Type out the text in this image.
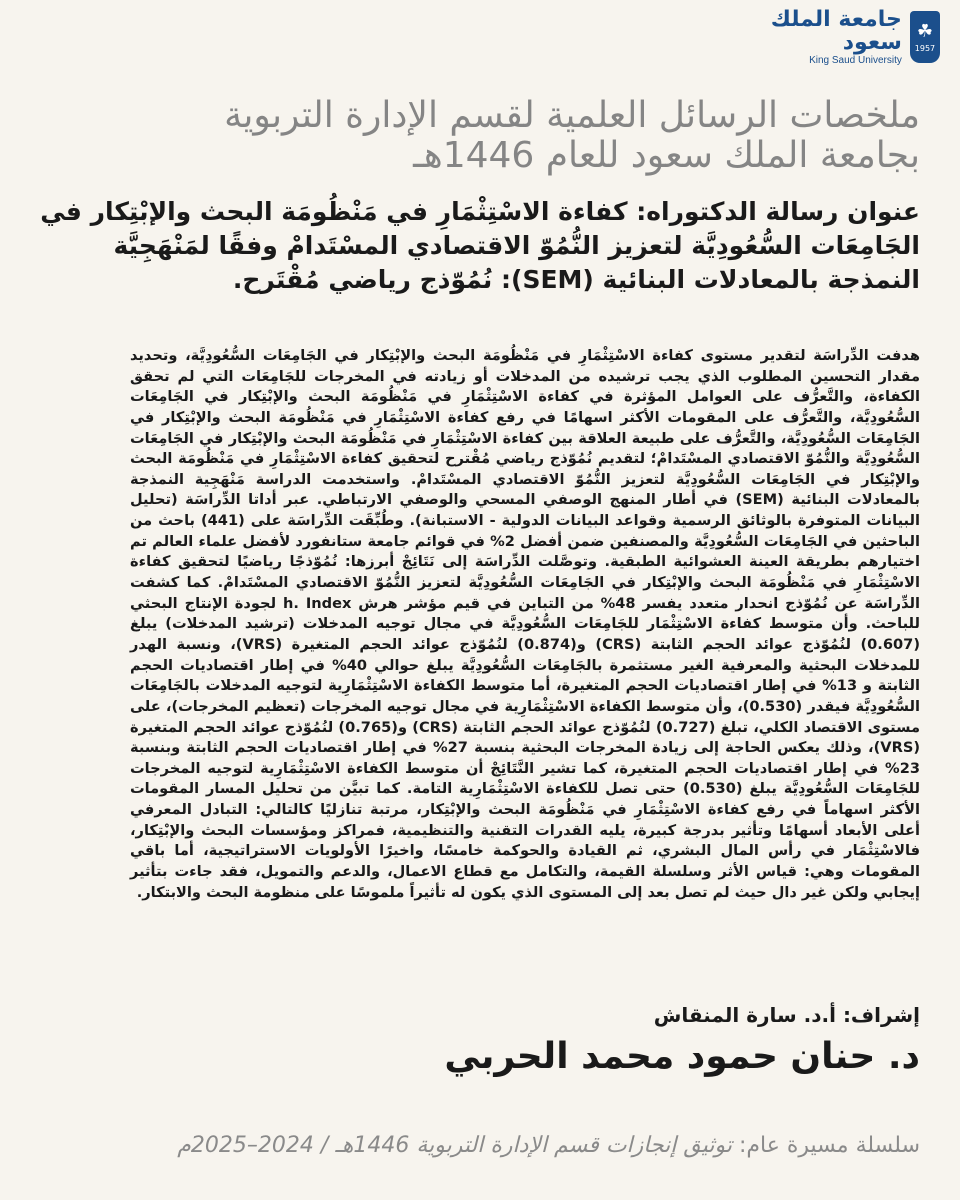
جامعة الملك سعود
King Saud University
☘
1957
ملخصات الرسائل العلمية لقسم الإدارة التربوية
بجامعة الملك سعود للعام 1446هـ
عنوان رسالة الدكتوراه: كفاءة الاسْتِثْمَارِ في مَنْظُومَة البحث والإبْتِكار في الجَامِعَات السُّعُودِيَّة لتعزيز النُّمُوّ الاقتصادي المسْتَدامْ وفقًا لمَنْهَجِيَّة النمذجة بالمعادلات البنائية (SEM): نُمُوّذج رياضي مُقْتَرح.
هدفت الدِّراسَة لتقدير مستوى كفاءة الاسْتِثْمَارِ في مَنْظُومَة البحث والإبْتِكار في الجَامِعَات السُّعُودِيَّة، وتحديد مقدار التحسين المطلوب الذي يجب ترشيده من المدخلات أو زيادته في المخرجات للجَامِعَات التي لم تحقق الكفاءة، والتَّعرُّف على العوامل المؤثرة في كفاءة الاسْتِثْمَارِ في مَنْظُومَة البحث والإبْتِكار في الجَامِعَات السُّعُودِيَّة، والتَّعرُّف على المقومات الأكثر اسهامًا في رفع كفاءة الاسْتِثْمَارِ في مَنْظُومَة البحث والإبْتِكار في الجَامِعَات السُّعُودِيَّة، والتَّعرُّف على طبيعة العلاقة بين كفاءة الاسْتِثْمَارِ في مَنْظُومَة البحث والإبْتِكار في الجَامِعَات السُّعُودِيَّة والنُّمُوّ الاقتصادي المسْتَدامْ؛ لتقديم نُمُوّذج رياضي مُقْترح لتحقيق كفاءة الاسْتِثْمَارِ في مَنْظُومَة البحث والإبْتِكار في الجَامِعَات السُّعُودِيَّة لتعزيز النُّمُوّ الاقتصادي المسْتَدامْ. واستخدمت الدراسة مَنْهَجِية النمذجة بالمعادلات البنائية (SEM) في أطار المنهج الوصفي المسحي والوصفي الارتباطي. عبر أداتا الدِّراسَة (تحليل البيانات المتوفرة بالوثائق الرسمية وقواعد البيانات الدولية - الاستبانة). وطُبِّقَت الدِّراسَة على (441) باحث من الباحثين في الجَامِعَات السُّعُودِيَّة والمصنفين ضمن أفضل 2% في قوائم جامعة ستانفورد لأفضل علماء العالم تم اختيارهم بطريقة العينة العشوائية الطبقية. وتوصَّلت الدِّراسَة إلى نَتَائِجْ أبرزها: نُمُوّذجًا رياضيًا لتحقيق كفاءة الاسْتِثْمَارِ في مَنْظُومَة البحث والإبْتِكار في الجَامِعَات السُّعُودِيَّة لتعزيز النُّمُوّ الاقتصادي المسْتَدامْ. كما كشفت الدِّراسَة عن نُمُوّذج انحدار متعدد يفسر 48% من التباين في قيم مؤشر هرش h. Index لجودة الإنتاج البحثي للباحث. وأن متوسط كفاءة الاسْتِثْمَار للجَامِعَات السُّعُودِيَّة في مجال توجيه المدخلات (ترشيد المدخلات) يبلغ (0.607) لنُمُوّذج عوائد الحجم الثابتة (CRS) و(0.874) لنُمُوّذج عوائد الحجم المتغيرة (VRS)، ونسبة الهدر للمدخلات البحثية والمعرفية الغير مستثمرة بالجَامِعَات السُّعُودِيَّة يبلغ حوالي 40% في إطار اقتصاديات الحجم الثابتة و 13% في إطار اقتصاديات الحجم المتغيرة، أما متوسط الكفاءة الاسْتِثْمَارِية لتوجيه المدخلات بالجَامِعَات السُّعُودِيَّة فيقدر (0.530)، وأن متوسط الكفاءة الاسْتِثْمَارِية في مجال توجيه المخرجات (تعظيم المخرجات)، على مستوى الاقتصاد الكلي، تبلغ (0.727) لنُمُوّذج عوائد الحجم الثابتة (CRS) و(0.765) لنُمُوّذج عوائد الحجم المتغيرة (VRS)، وذلك يعكس الحاجة إلى زيادة المخرجات البحثية بنسبة 27% في إطار اقتصاديات الحجم الثابتة وبنسبة 23% في إطار اقتصاديات الحجم المتغيرة، كما تشير النَّتَائِجْ أن متوسط الكفاءة الاسْتِثْمَارِية لتوجيه المخرجات للجَامِعَات السُّعُودِيَّة يبلغ (0.530) حتى تصل للكفاءة الاسْتِثْمَارِية التامة. كما تبيَّن من تحليل المسار المقومات الأكثر اسهاماً في رفع كفاءة الاسْتِثْمَارِ في مَنْظُومَة البحث والإبْتِكار، مرتبة تنازليًا كالتالي: التبادل المعرفي أعلى الأبعاد أسهامًا وتأثير بدرجة كبيرة، يليه القدرات التقنية والتنظيمية، فمراكز ومؤسسات البحث والإبْتِكار، فالاسْتِثْمَار في رأس المال البشري، ثم القيادة والحوكمة خامسًا، واخيرًا الأولويات الاستراتيجية، أما باقي المقومات وهي: قياس الأثر وسلسلة القيمة، والتكامل مع قطاع الاعمال، والدعم والتمويل، فقد جاءت بتأثير إيجابي ولكن غير دال حيث لم تصل بعد إلى المستوى الذي يكون له تأثيراً ملموسًا على منظومة البحث والابتكار.
إشراف: أ.د. سارة المنقاش
د. حنان حمود محمد الحربي
سلسلة مسيرة عام: توثيق إنجازات قسم الإدارة التربوية 1446هـ / 2024–2025م
